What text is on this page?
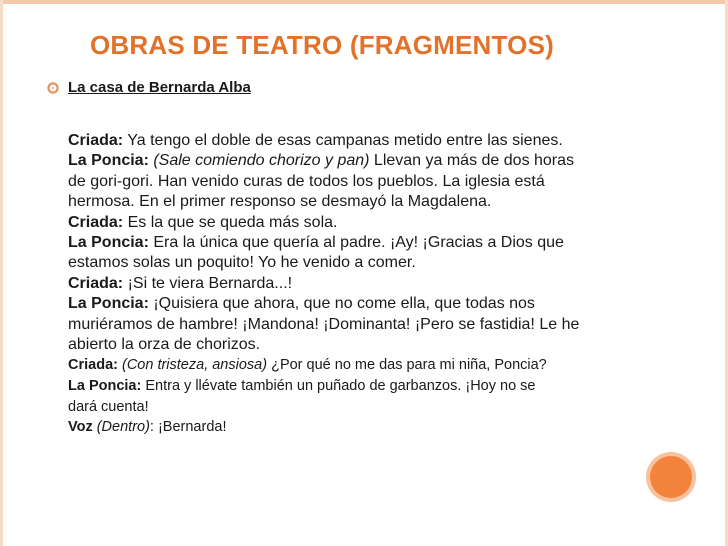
OBRAS DE TEATRO (FRAGMENTOS)
La casa de Bernarda Alba
Criada: Ya tengo el doble de esas campanas metido entre las sienes.
La Poncia: (Sale comiendo chorizo y pan) Llevan ya más de dos horas
de gori-gori. Han venido curas de todos los pueblos. La iglesia está
hermosa. En el primer responso se desmayó la Magdalena.
Criada: Es la que se queda más sola.
La Poncia: Era la única que quería al padre. ¡Ay! ¡Gracias a Dios que
estamos solas un poquito! Yo he venido a comer.
Criada: ¡Si te viera Bernarda...!
La Poncia: ¡Quisiera que ahora, que no come ella, que todas nos
muriéramos de hambre! ¡Mandona! ¡Dominanta! ¡Pero se fastidia! Le he
abierto la orza de chorizos.
Criada: (Con tristeza, ansiosa) ¿Por qué no me das para mi niña, Poncia?
La Poncia: Entra y llévate también un puñado de garbanzos. ¡Hoy no se
dará cuenta!
Voz (Dentro): ¡Bernarda!
